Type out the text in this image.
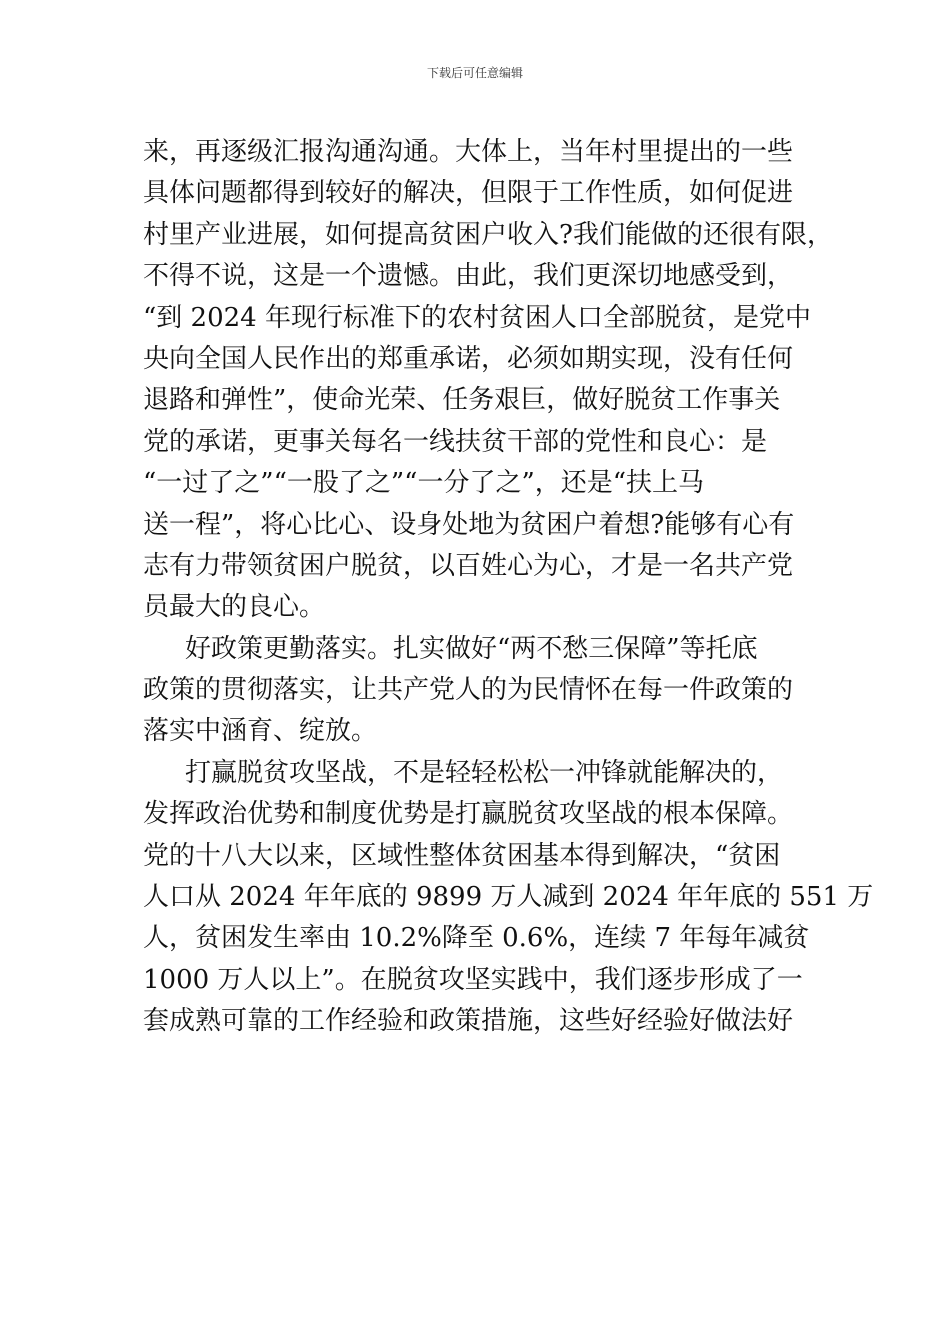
下载后可任意编辑
来，再逐级汇报沟通沟通。大体上，当年村里提出的一些
具体问题都得到较好的解决，但限于工作性质，如何促进
村里产业进展，如何提高贫困户收入?我们能做的还很有限，
不得不说，这是一个遗憾。由此，我们更深切地感受到，
“到 2024 年现行标准下的农村贫困人口全部脱贫，是党中
央向全国人民作出的郑重承诺，必须如期实现，没有任何
退路和弹性”，使命光荣、任务艰巨，做好脱贫工作事关
党的承诺，更事关每名一线扶贫干部的党性和良心：是
“一过了之”“一股了之”“一分了之”，还是“扶上马
送一程”，将心比心、设身处地为贫困户着想?能够有心有
志有力带领贫困户脱贫，以百姓心为心，才是一名共产党
员最大的良心。
好政策更勤落实。扎实做好“两不愁三保障”等托底
政策的贯彻落实，让共产党人的为民情怀在每一件政策的
落实中涵育、绽放。
打赢脱贫攻坚战，不是轻轻松松一冲锋就能解决的，
发挥政治优势和制度优势是打赢脱贫攻坚战的根本保障。
党的十八大以来，区域性整体贫困基本得到解决，“贫困
人口从 2024 年年底的 9899 万人减到 2024 年年底的 551 万
人，贫困发生率由 10.2%降至 0.6%，连续 7 年每年减贫
1000 万人以上”。在脱贫攻坚实践中，我们逐步形成了一
套成熟可靠的工作经验和政策措施，这些好经验好做法好
